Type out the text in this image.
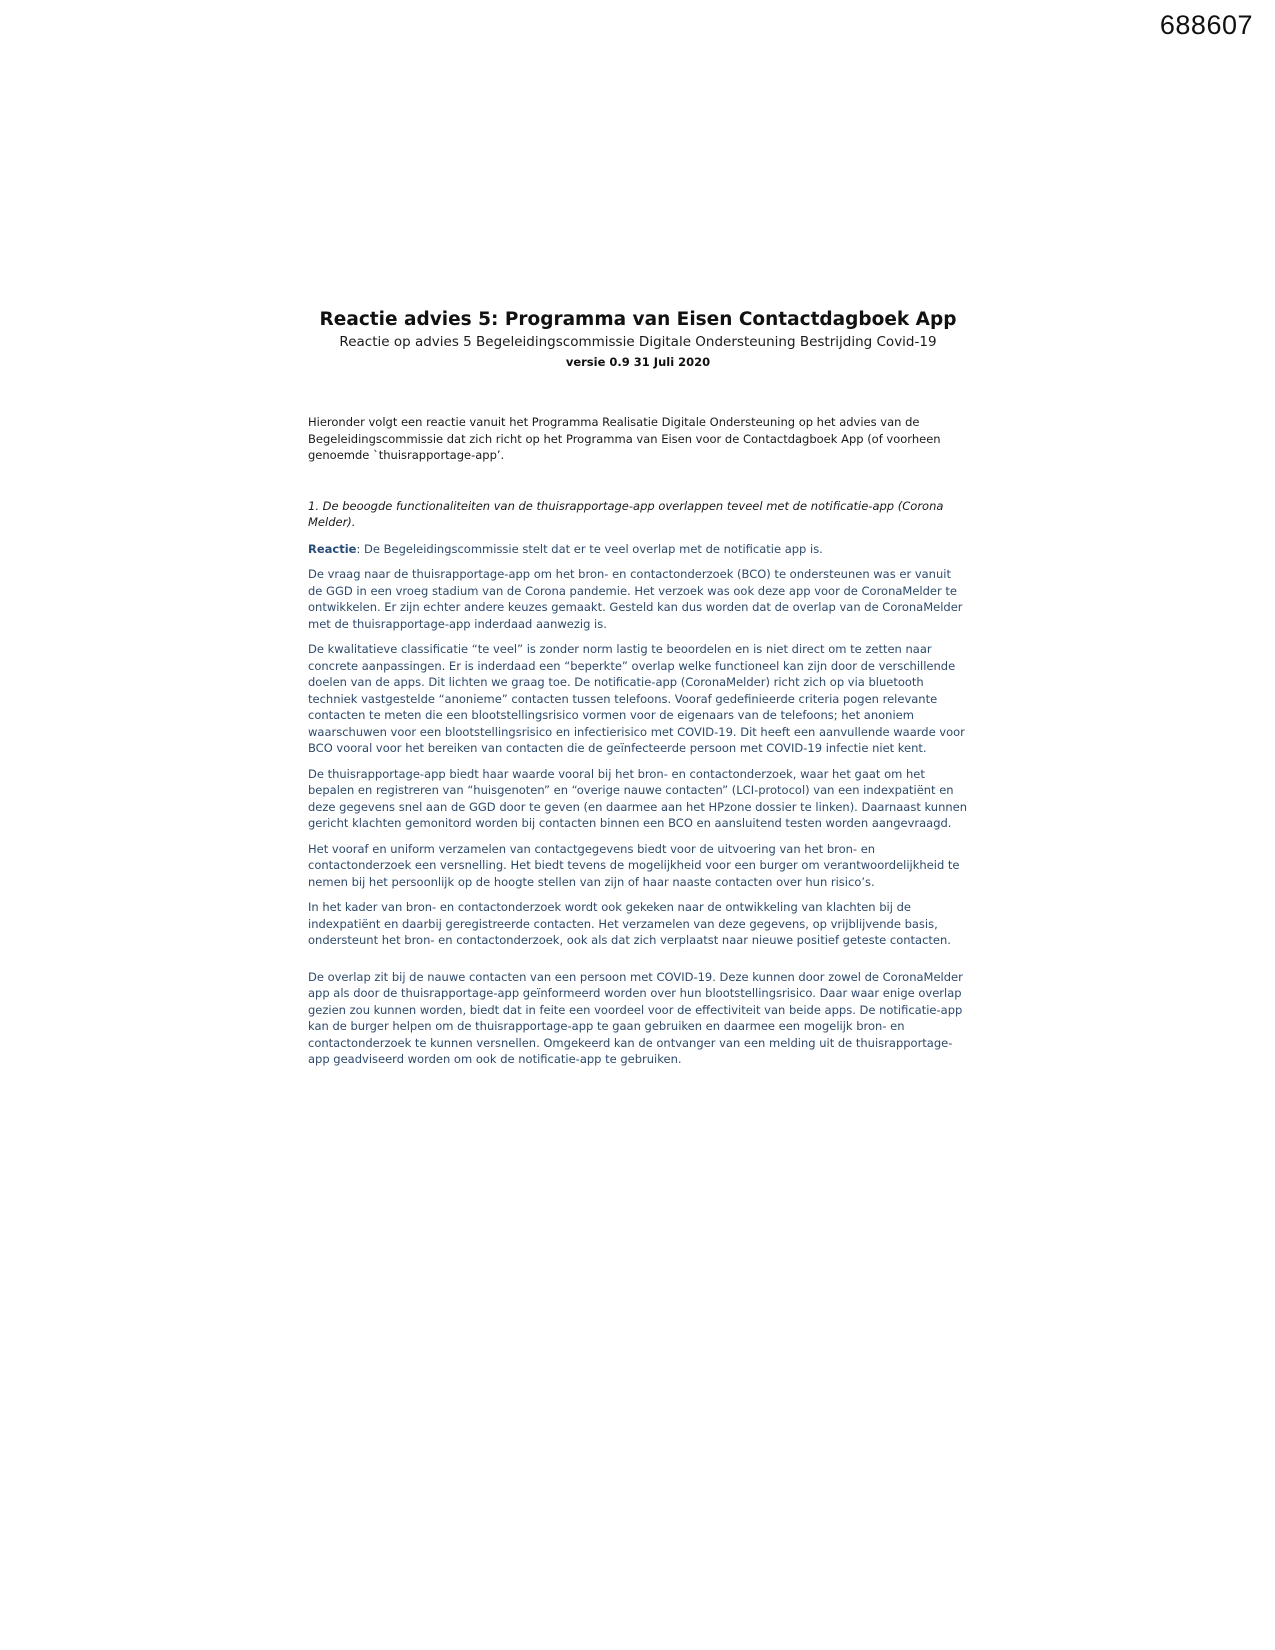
688607

Reactie advies 5: Programma van Eisen Contactdagboek App

Reactie op advies 5 Begeleidingscommissie Digitale Ondersteuning Bestrijding Covid-19

versie 0.9 31 Juli 2020

Hieronder volgt een reactie vanuit het Programma Realisatie Digitale Ondersteuning op het advies van de Begeleidingscommissie dat zich richt op het Programma van Eisen voor de Contactdagboek App (of voorheen genoemde `thuisrapportage-app’.
1. De beoogde functionaliteiten van de thuisrapportage-app overlappen teveel met de notificatie-app (Corona Melder).
Reactie: De Begeleidingscommissie stelt dat er te veel overlap met de notificatie app is.
De vraag naar de thuisrapportage-app om het bron- en contactonderzoek (BCO) te ondersteunen was er vanuit de GGD in een vroeg stadium van de Corona pandemie. Het verzoek was ook deze app voor de CoronaMelder te ontwikkelen. Er zijn echter andere keuzes gemaakt. Gesteld kan dus worden dat de overlap van de CoronaMelder met de thuisrapportage-app inderdaad aanwezig is.
De kwalitatieve classificatie “te veel” is zonder norm lastig te beoordelen en is niet direct om te zetten naar concrete aanpassingen. Er is inderdaad een “beperkte” overlap welke functioneel kan zijn door de verschillende doelen van de apps. Dit lichten we graag toe. De notificatie-app (CoronaMelder) richt zich op via bluetooth techniek vastgestelde “anonieme” contacten tussen telefoons. Vooraf gedefinieerde criteria pogen relevante contacten te meten die een blootstellingsrisico vormen voor de eigenaars van de telefoons; het anoniem waarschuwen voor een blootstellingsrisico en infectierisico met COVID-19. Dit heeft een aanvullende waarde voor BCO vooral voor het bereiken van contacten die de geïnfecteerde persoon met COVID-19 infectie niet kent.
De thuisrapportage-app biedt haar waarde vooral bij het bron- en contactonderzoek, waar het gaat om het bepalen en registreren van “huisgenoten” en “overige nauwe contacten” (LCI-protocol) van een indexpatiënt en deze gegevens snel aan de GGD door te geven (en daarmee aan het HPzone dossier te linken). Daarnaast kunnen gericht klachten gemonitord worden bij contacten binnen een BCO en aansluitend testen worden aangevraagd.
Het vooraf en uniform verzamelen van contactgegevens biedt voor de uitvoering van het bron- en contactonderzoek een versnelling. Het biedt tevens de mogelijkheid voor een burger om verantwoordelijkheid te nemen bij het persoonlijk op de hoogte stellen van zijn of haar naaste contacten over hun risico’s.
In het kader van bron- en contactonderzoek wordt ook gekeken naar de ontwikkeling van klachten bij de indexpatiënt en daarbij geregistreerde contacten. Het verzamelen van deze gegevens, op vrijblijvende basis, ondersteunt het bron- en contactonderzoek, ook als dat zich verplaatst naar nieuwe positief geteste contacten.
De overlap zit bij de nauwe contacten van een persoon met COVID-19. Deze kunnen door zowel de CoronaMelder app als door de thuisrapportage-app geïnformeerd worden over hun blootstellingsrisico. Daar waar enige overlap gezien zou kunnen worden, biedt dat in feite een voordeel voor de effectiviteit van beide apps. De notificatie-app kan de burger helpen om de thuisrapportage-app te gaan gebruiken en daarmee een mogelijk bron- en contactonderzoek te kunnen versnellen. Omgekeerd kan de ontvanger van een melding uit de thuisrapportage-app geadviseerd worden om ook de notificatie-app te gebruiken.
